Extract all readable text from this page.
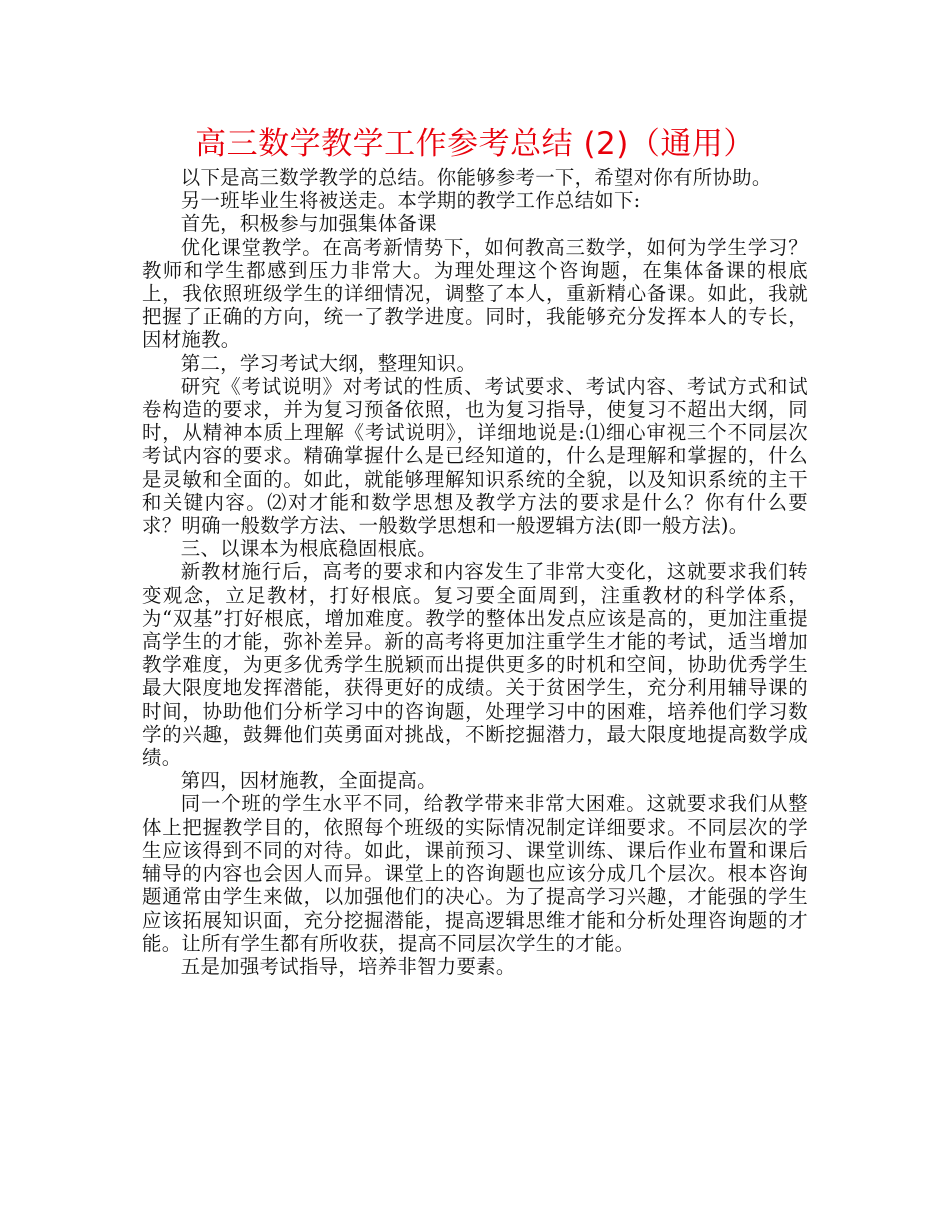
高三数学教学工作参考总结 (2)（通用）

以下是高三数学教学的总结。你能够参考一下，希望对你有所协助。

另一班毕业生将被送走。本学期的教学工作总结如下:

首先，积极参与加强集体备课

优化课堂教学。在高考新情势下，如何教高三数学，如何为学生学习？教师和学生都感到压力非常大。为理处理这个咨询题，在集体备课的根底上，我依照班级学生的详细情况，调整了本人，重新精心备课。如此，我就把握了正确的方向，统一了教学进度。同时，我能够充分发挥本人的专长，因材施教。

第二，学习考试大纲，整理知识。

研究《考试说明》对考试的性质、考试要求、考试内容、考试方式和试卷构造的要求，并为复习预备依照，也为复习指导，使复习不超出大纲，同时，从精神本质上理解《考试说明》，详细地说是:⑴细心审视三个不同层次考试内容的要求。精确掌握什么是已经知道的，什么是理解和掌握的，什么是灵敏和全面的。如此，就能够理解知识系统的全貌，以及知识系统的主干和关键内容。⑵对才能和数学思想及教学方法的要求是什么？你有什么要求？明确一般数学方法、一般数学思想和一般逻辑方法(即一般方法)。

三、以课本为根底稳固根底。

新教材施行后，高考的要求和内容发生了非常大变化，这就要求我们转变观念，立足教材，打好根底。复习要全面周到，注重教材的科学体系，为“双基”打好根底，增加难度。教学的整体出发点应该是高的，更加注重提高学生的才能，弥补差异。新的高考将更加注重学生才能的考试，适当增加教学难度，为更多优秀学生脱颖而出提供更多的时机和空间，协助优秀学生最大限度地发挥潜能，获得更好的成绩。关于贫困学生，充分利用辅导课的时间，协助他们分析学习中的咨询题，处理学习中的困难，培养他们学习数学的兴趣，鼓舞他们英勇面对挑战，不断挖掘潜力，最大限度地提高数学成绩。

第四，因材施教，全面提高。

同一个班的学生水平不同，给教学带来非常大困难。这就要求我们从整体上把握教学目的，依照每个班级的实际情况制定详细要求。不同层次的学生应该得到不同的对待。如此，课前预习、课堂训练、课后作业布置和课后辅导的内容也会因人而异。课堂上的咨询题也应该分成几个层次。根本咨询题通常由学生来做，以加强他们的决心。为了提高学习兴趣，才能强的学生应该拓展知识面，充分挖掘潜能，提高逻辑思维才能和分析处理咨询题的才能。让所有学生都有所收获，提高不同层次学生的才能。

五是加强考试指导，培养非智力要素。
